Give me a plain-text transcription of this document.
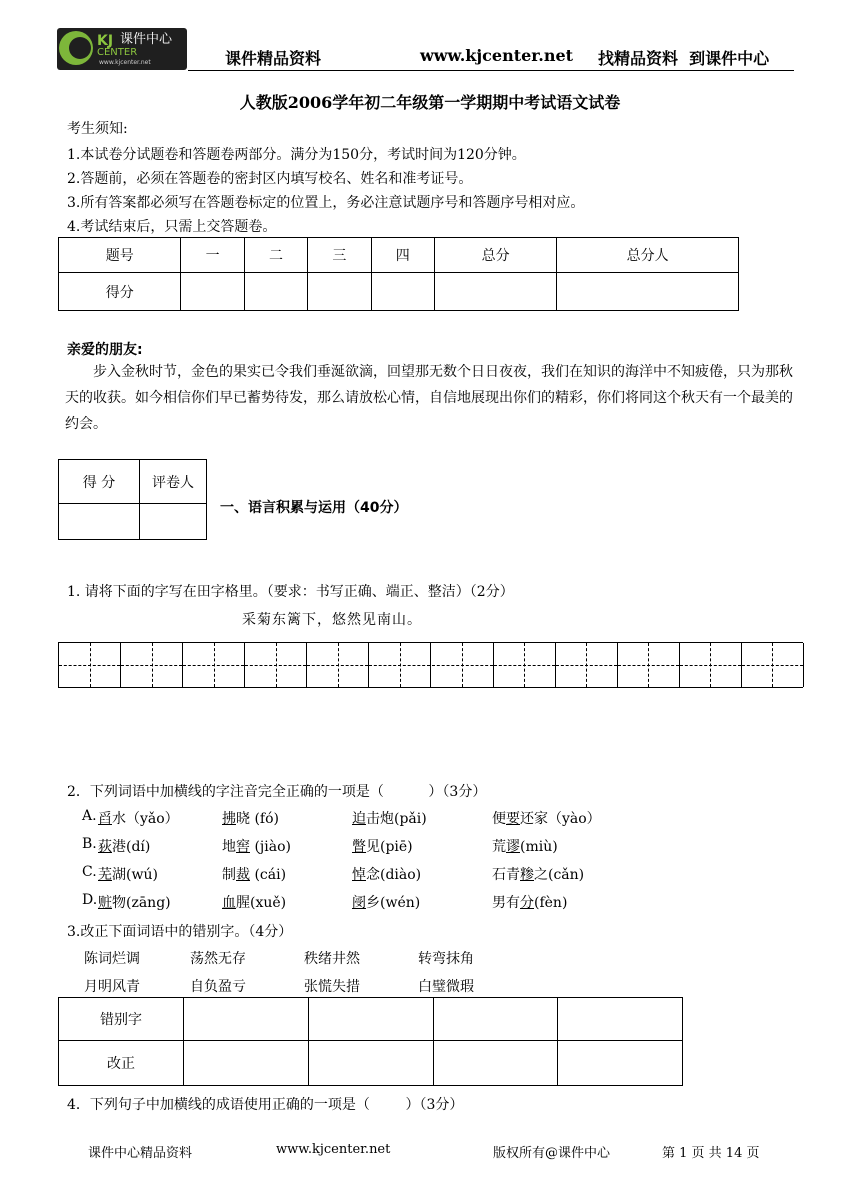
KJ
CENTER
课件中心
www.kjcenter.net	课件精品资料	www.kjcenter.net 找精品资料  到课件中心
人教版2006学年初二年级第一学期期中考试语文试卷
考生须知:
1.本试卷分试题卷和答题卷两部分。满分为150分，考试时间为120分钟。
2.答题前，必须在答题卷的密封区内填写校名、姓名和准考证号。
3.所有答案都必须写在答题卷标定的位置上，务必注意试题序号和答题序号相对应。
4.考试结束后，只需上交答题卷。
题号	一	二	三	四	总分	总分人
得分						
亲爱的朋友:
步入金秋时节，金色的果实已令我们垂涎欲滴，回望那无数个日日夜夜，我们在知识的海洋中不知疲倦，只为那秋天的收获。如今相信你们早已蓄势待发，那么请放松心情，自信地展现出你们的精彩，你们将同这个秋天有一个最美的约会。
得 分	评卷人

一、语言积累与运用（40分）
1. 请将下面的字写在田字格里。（要求：书写正确、端正、整洁）（2分）
采菊东篱下，悠然见南山。
2．下列词语中加横线的字注音完全正确的一项是（          ）（3分）
A. 舀水（yǎo）	拂晓 (fó)	迫击炮(pǎi)	便要还家（yào）
B. 荻港(dí)	地窖 (jiào)	瞥见(piē)	荒谬(miù)
C. 芜湖(wú)	制裁 (cái)	悼念(diào)	石青糁之(cǎn)
D. 赃物(zāng)	血腥(xuě)	阌乡(wén)	男有分(fèn)
3.改正下面词语中的错别字。（4分）
陈词烂调	荡然无存	秩绪井然	转弯抹角
月明风青	自负盈亏	张慌失措	白璧微瑕
错别字				
改正				
4．下列句子中加横线的成语使用正确的一项是（        ）（3分）
课件中心精品资料	www.kjcenter.net	版权所有@课件中心	第 1 页 共 14 页
